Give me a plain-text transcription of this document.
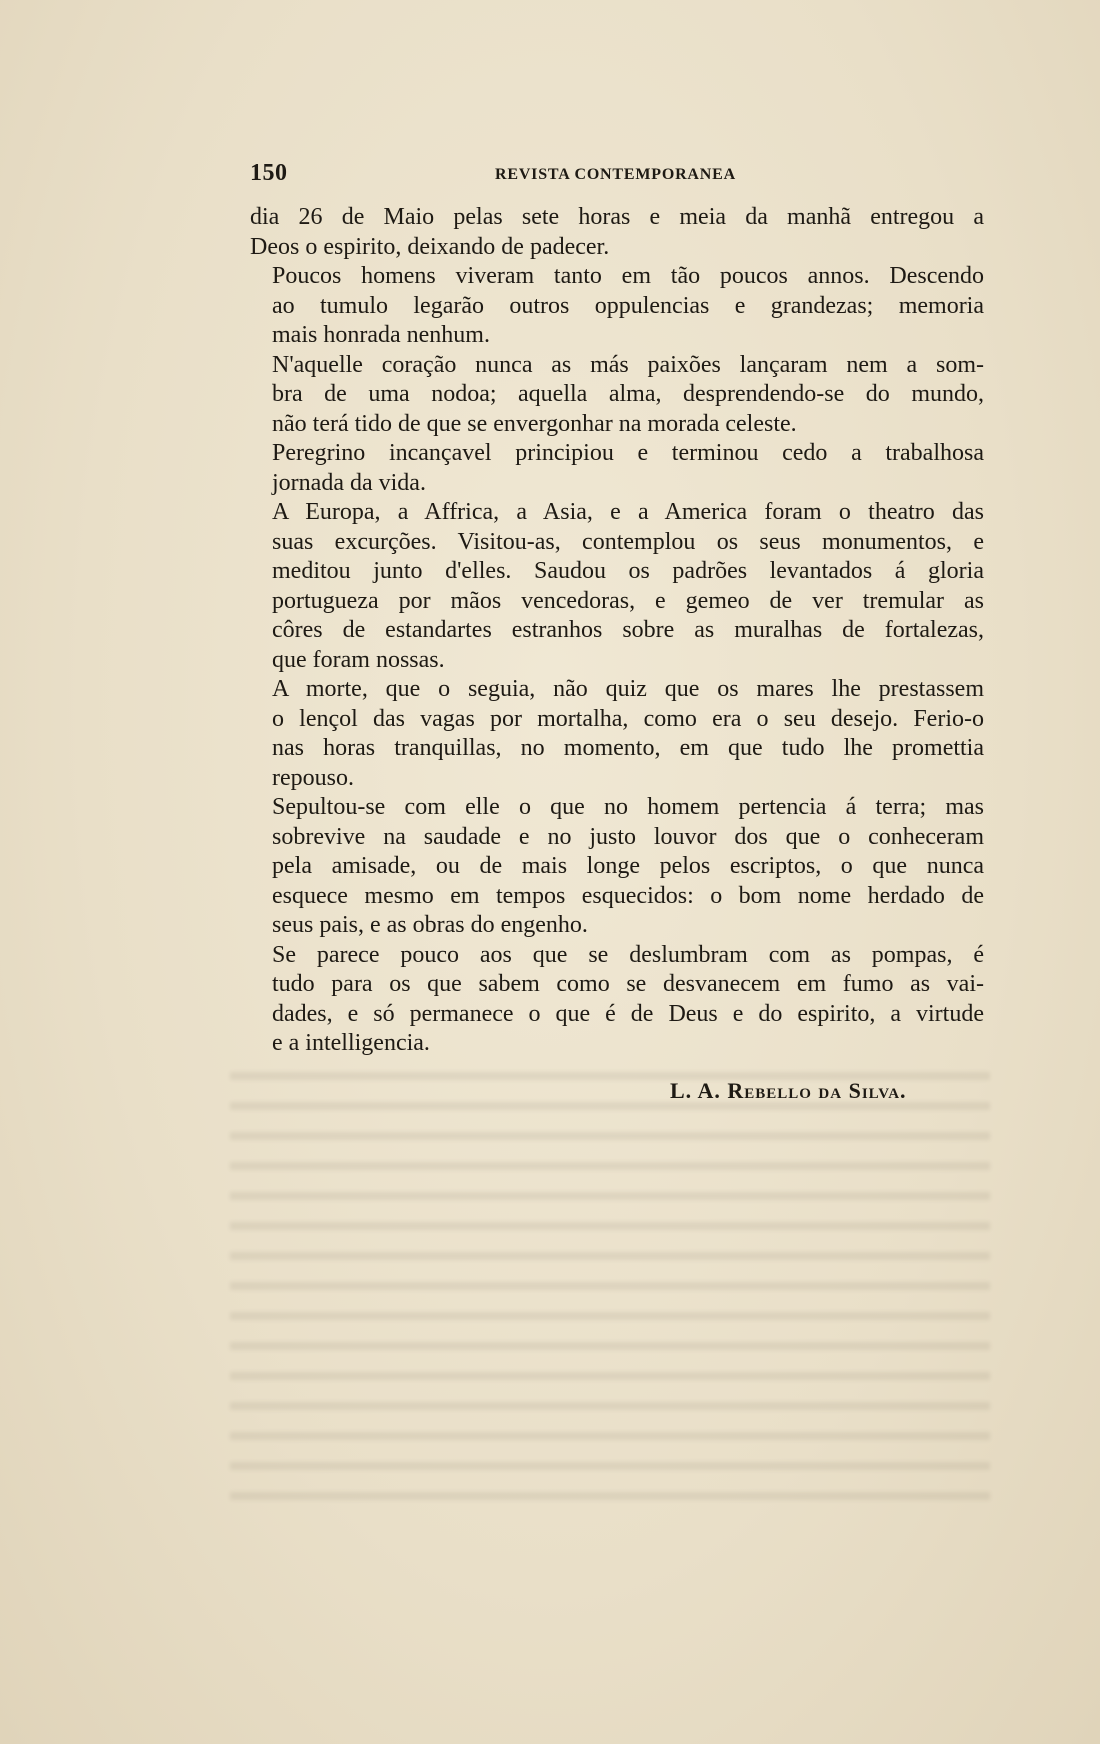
150	REVISTA CONTEMPORANEA

dia 26 de Maio pelas sete horas e meia da manhã entregou a
Deos o espirito, deixando de padecer.

Poucos homens viveram tanto em tão poucos annos. Descendo
ao tumulo legarão outros oppulencias e grandezas; memoria
mais honrada nenhum.

N'aquelle coração nunca as más paixões lançaram nem a som-
bra de uma nodoa; aquella alma, desprendendo-se do mundo,
não terá tido de que se envergonhar na morada celeste.

Peregrino incançavel principiou e terminou cedo a trabalhosa
jornada da vida.

A Europa, a Affrica, a Asia, e a America foram o theatro das
suas excurções. Visitou-as, contemplou os seus monumentos, e
meditou junto d'elles. Saudou os padrões levantados á gloria
portugueza por mãos vencedoras, e gemeo de ver tremular as
côres de estandartes estranhos sobre as muralhas de fortalezas,
que foram nossas.

A morte, que o seguia, não quiz que os mares lhe prestassem
o lençol das vagas por mortalha, como era o seu desejo. Ferio-o
nas horas tranquillas, no momento, em que tudo lhe promettia
repouso.

Sepultou-se com elle o que no homem pertencia á terra; mas
sobrevive na saudade e no justo louvor dos que o conheceram
pela amisade, ou de mais longe pelos escriptos, o que nunca
esquece mesmo em tempos esquecidos: o bom nome herdado de
seus pais, e as obras do engenho.

Se parece pouco aos que se deslumbram com as pompas, é
tudo para os que sabem como se desvanecem em fumo as vai-
dades, e só permanece o que é de Deus e do espirito, a virtude
e a intelligencia.

L. A. Rebello da Silva.
